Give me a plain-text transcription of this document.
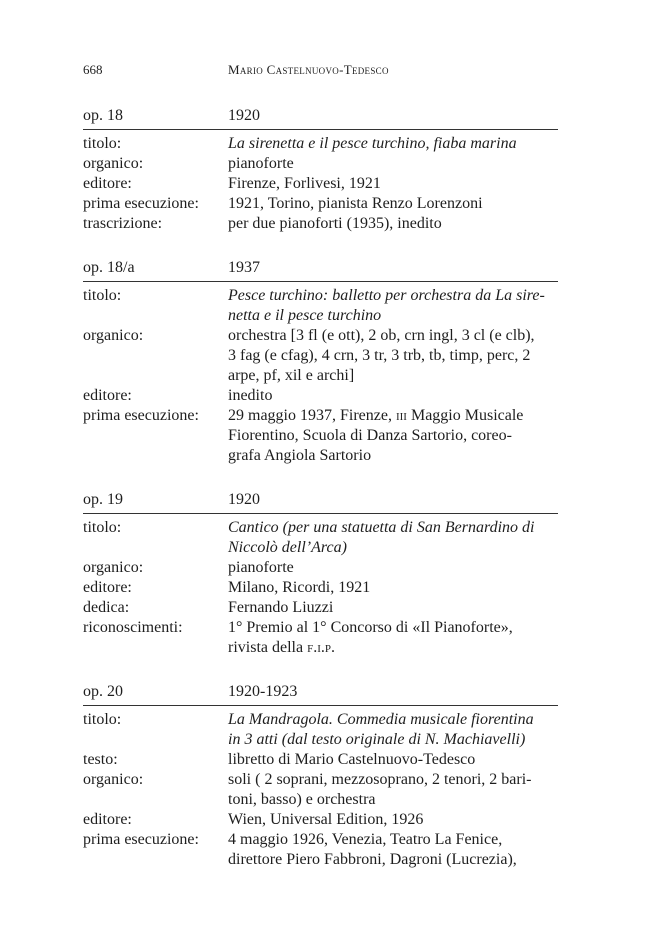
668	Mario Castelnuovo-Tedesco
op. 18	1920
titolo:	La sirenetta e il pesce turchino, fiaba marina
organico:	pianoforte
editore:	Firenze, Forlivesi, 1921
prima esecuzione:	1921, Torino, pianista Renzo Lorenzoni
trascrizione:	per due pianoforti (1935), inedito
op. 18/a	1937
titolo:	Pesce turchino: balletto per orchestra da La sire-
netta e il pesce turchino
organico:	orchestra [3 fl (e ott), 2 ob, crn ingl, 3 cl (e clb),
3 fag (e cfag), 4 crn, 3 tr, 3 trb, tb, timp, perc, 2
arpe, pf, xil e archi]
editore:	inedito
prima esecuzione:	29 maggio 1937, Firenze, iii Maggio Musicale
Fiorentino, Scuola di Danza Sartorio, coreo-
grafa Angiola Sartorio
op. 19	1920
titolo:	Cantico (per una statuetta di San Bernardino di
Niccolò dell’Arca)
organico:	pianoforte
editore:	Milano, Ricordi, 1921
dedica:	Fernando Liuzzi
riconoscimenti:	1° Premio al 1° Concorso di «Il Pianoforte»,
rivista della f.i.p.
op. 20	1920-1923
titolo:	La Mandragola. Commedia musicale fiorentina
in 3 atti (dal testo originale di N. Machiavelli)
testo:	libretto di Mario Castelnuovo-Tedesco
organico:	soli ( 2 soprani, mezzosoprano, 2 tenori, 2 bari-
toni, basso) e orchestra
editore:	Wien, Universal Edition, 1926
prima esecuzione:	4 maggio 1926, Venezia, Teatro La Fenice,
direttore Piero Fabbroni, Dagroni (Lucrezia),
